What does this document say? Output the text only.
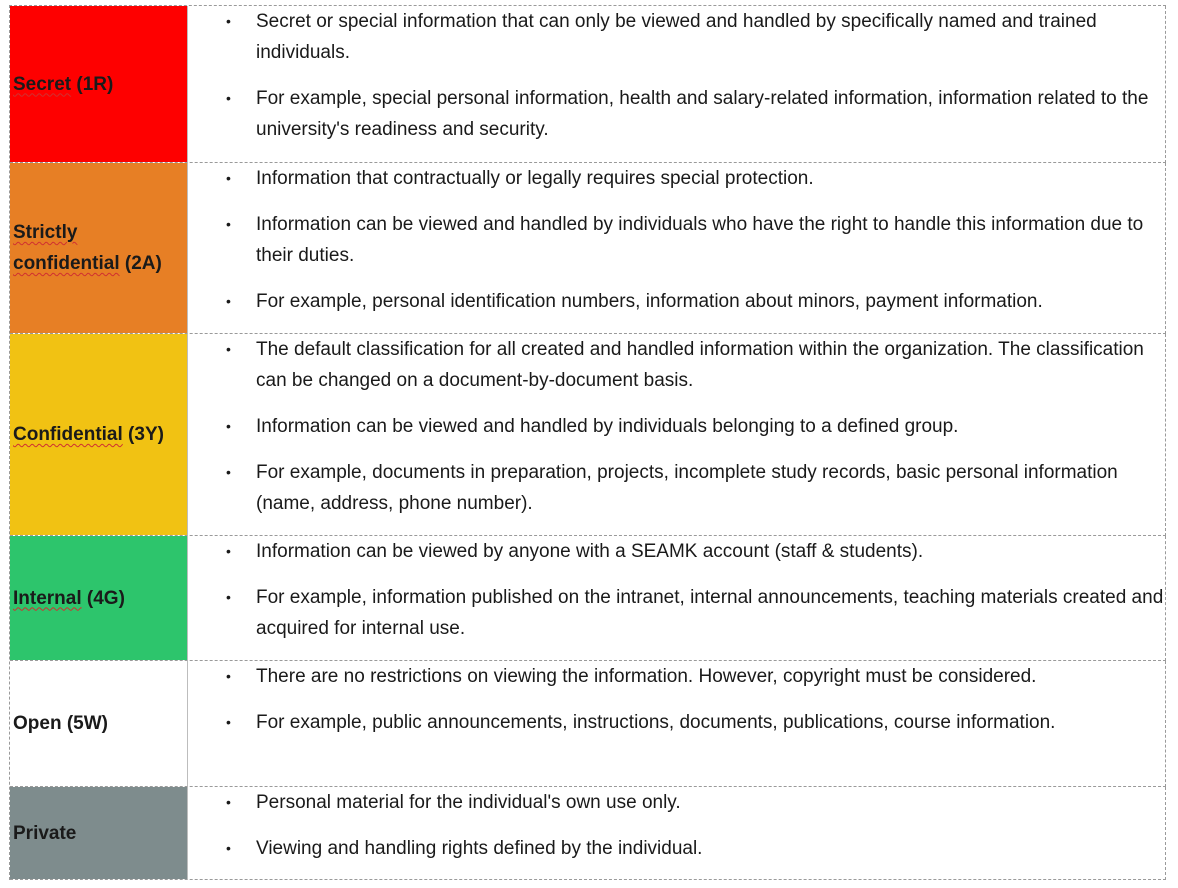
Secret (1R)
• Secret or special information that can only be viewed and handled by specifically named and trained individuals.
• For example, special personal information, health and salary-related information, information related to the university's readiness and security.
Strictly
confidential (2A)
• Information that contractually or legally requires special protection.
• Information can be viewed and handled by individuals who have the right to handle this information due to their duties.
• For example, personal identification numbers, information about minors, payment information.
Confidential (3Y)
• The default classification for all created and handled information within the organization. The classification can be changed on a document-by-document basis.
• Information can be viewed and handled by individuals belonging to a defined group.
• For example, documents in preparation, projects, incomplete study records, basic personal information (name, address, phone number).
Internal (4G)
• Information can be viewed by anyone with a SEAMK account (staff & students).
• For example, information published on the intranet, internal announcements, teaching materials created and acquired for internal use.
Open (5W)
• There are no restrictions on viewing the information. However, copyright must be considered.
• For example, public announcements, instructions, documents, publications, course information.
Private
• Personal material for the individual's own use only.
• Viewing and handling rights defined by the individual.
